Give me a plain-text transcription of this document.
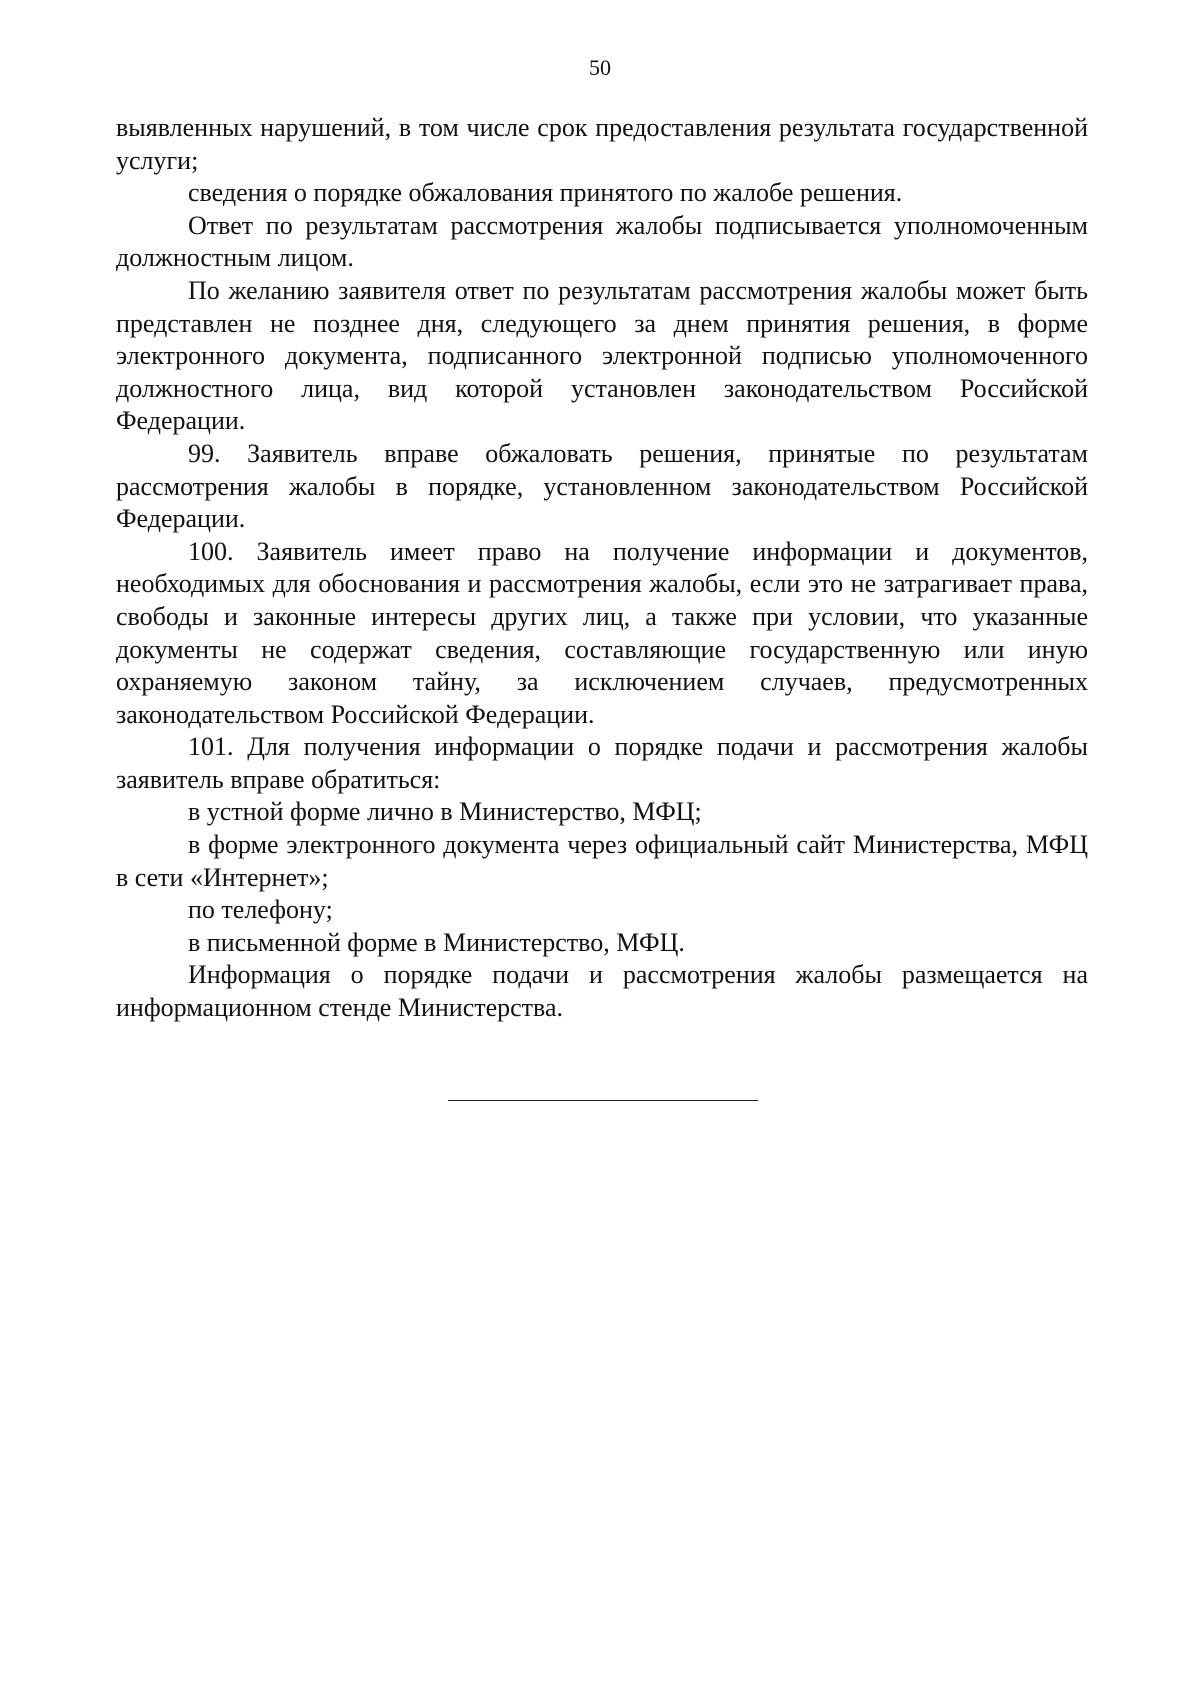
50

выявленных нарушений, в том числе срок предоставления результата государственной услуги;

сведения о порядке обжалования принятого по жалобе решения.

Ответ по результатам рассмотрения жалобы подписывается уполномоченным должностным лицом.

По желанию заявителя ответ по результатам рассмотрения жалобы может быть представлен не позднее дня, следующего за днем принятия решения, в форме электронного документа, подписанного электронной подписью уполномоченного должностного лица, вид которой установлен законодательством Российской Федерации.

99. Заявитель вправе обжаловать решения, принятые по результатам рассмотрения жалобы в порядке, установленном законодательством Российской Федерации.

100. Заявитель имеет право на получение информации и документов, необходимых для обоснования и рассмотрения жалобы, если это не затрагивает права, свободы и законные интересы других лиц, а также при условии, что указанные документы не содержат сведения, составляющие государственную или иную охраняемую законом тайну, за исключением случаев, предусмотренных законодательством Российской Федерации.

101. Для получения информации о порядке подачи и рассмотрения жалобы заявитель вправе обратиться:

в устной форме лично в Министерство, МФЦ;

в форме электронного документа через официальный сайт Министерства, МФЦ в сети «Интернет»;

по телефону;

в письменной форме в Министерство, МФЦ.

Информация о порядке подачи и рассмотрения жалобы размещается на информационном стенде Министерства.
